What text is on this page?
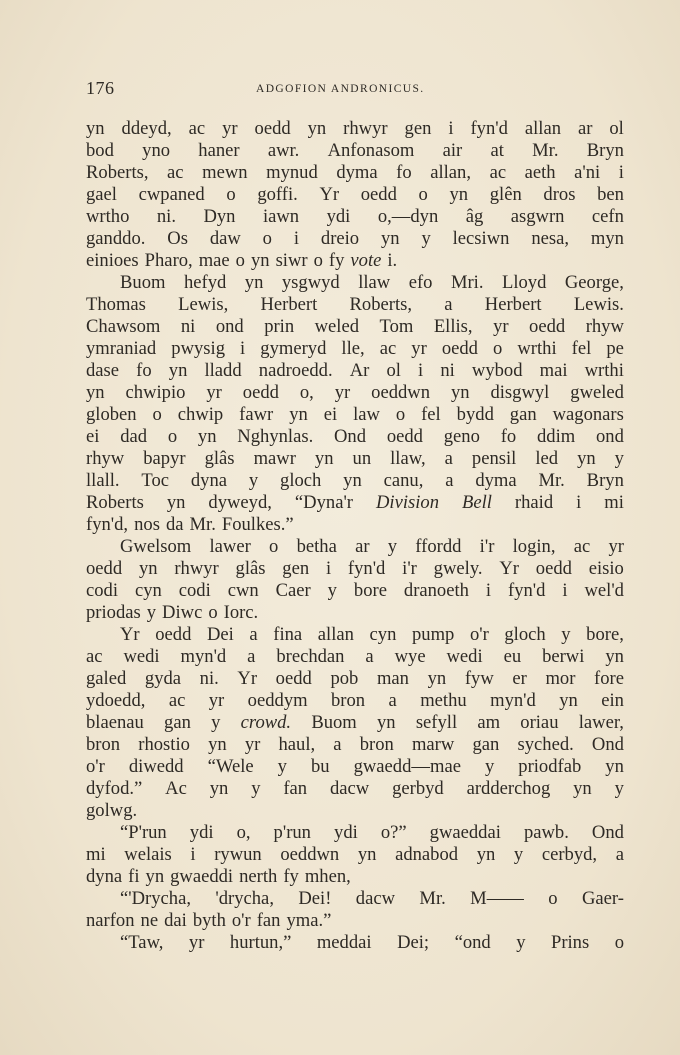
176	ADGOFION ANDRONICUS.
yn ddeyd, ac yr oedd yn rhwyr gen i fyn'd allan ar ol
bod yno haner awr. Anfonasom air at Mr. Bryn
Roberts, ac mewn mynud dyma fo allan, ac aeth a'ni i
gael cwpaned o goffi. Yr oedd o yn glên dros ben
wrtho ni. Dyn iawn ydi o,—dyn âg asgwrn cefn
ganddo. Os daw o i dreio yn y lecsiwn nesa, myn
einioes Pharo, mae o yn siwr o fy vote i.
Buom hefyd yn ysgwyd llaw efo Mri. Lloyd George,
Thomas Lewis, Herbert Roberts, a Herbert Lewis.
Chawsom ni ond prin weled Tom Ellis, yr oedd rhyw
ymraniad pwysig i gymeryd lle, ac yr oedd o wrthi fel pe
dase fo yn lladd nadroedd. Ar ol i ni wybod mai wrthi
yn chwipio yr oedd o, yr oeddwn yn disgwyl gweled
globen o chwip fawr yn ei law o fel bydd gan wagonars
ei dad o yn Nghynlas. Ond oedd geno fo ddim ond
rhyw bapyr glâs mawr yn un llaw, a pensil led yn y
llall. Toc dyna y gloch yn canu, a dyma Mr. Bryn
Roberts yn dyweyd, “Dyna'r Division Bell rhaid i mi
fyn'd, nos da Mr. Foulkes.”
Gwelsom lawer o betha ar y ffordd i'r login, ac yr
oedd yn rhwyr glâs gen i fyn'd i'r gwely. Yr oedd eisio
codi cyn codi cwn Caer y bore dranoeth i fyn'd i wel'd
priodas y Diwc o Iorc.
Yr oedd Dei a fina allan cyn pump o'r gloch y bore,
ac wedi myn'd a brechdan a wye wedi eu berwi yn
galed gyda ni. Yr oedd pob man yn fyw er mor fore
ydoedd, ac yr oeddym bron a methu myn'd yn ein
blaenau gan y crowd. Buom yn sefyll am oriau lawer,
bron rhostio yn yr haul, a bron marw gan syched. Ond
o'r diwedd “Wele y bu gwaedd—mae y priodfab yn
dyfod.” Ac yn y fan dacw gerbyd ardderchog yn y
golwg.
“P'run ydi o, p'run ydi o?” gwaeddai pawb. Ond
mi welais i rywun oeddwn yn adnabod yn y cerbyd, a
dyna fi yn gwaeddi nerth fy mhen,
“'Drycha, 'drycha, Dei! dacw Mr. M—— o Gaer-
narfon ne dai byth o'r fan yma.”
“Taw, yr hurtun,” meddai Dei; “ond y Prins o
